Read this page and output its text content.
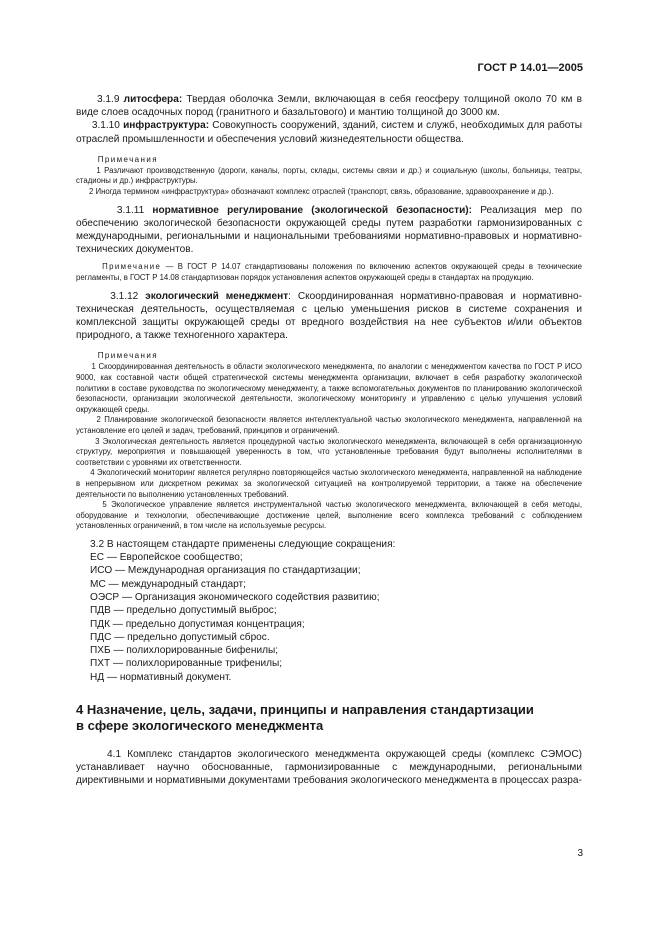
ГОСТ Р 14.01—2005

3.1.9 литосфера: Твердая оболочка Земли, включающая в себя геосферу толщиной около 70 км в виде слоев осадочных пород (гранитного и базальтового) и мантию толщиной до 3000 км.

3.1.10 инфраструктура: Совокупность сооружений, зданий, систем и служб, необходимых для работы отраслей промышленности и обеспечения условий жизнедеятельности общества.

Примечания

1 Различают производственную (дороги, каналы, порты, склады, системы связи и др.) и социальную (школы, больницы, театры, стадионы и др.) инфраструктуры.

2 Иногда термином «инфраструктура» обозначают комплекс отраслей (транспорт, связь, образование, здравоохранение и др.).

3.1.11 нормативное регулирование (экологической безопасности): Реализация мер по обеспечению экологической безопасности окружающей среды путем разработки гармонизированных с международными, региональными и национальными требованиями нормативно-правовых и нормативно-технических документов.

Примечание — В ГОСТ Р 14.07 стандартизованы положения по включению аспектов окружающей среды в технические регламенты, в ГОСТ Р 14.08 стандартизован порядок установления аспектов окружающей среды в стандартах на продукцию.

3.1.12 экологический менеджмент: Скоординированная нормативно-правовая и нормативно-техническая деятельность, осуществляемая с целью уменьшения рисков в системе сохранения и комплексной защиты окружающей среды от вредного воздействия на нее субъектов и/или объектов природного, а также техногенного характера.

Примечания

1 Скоординированная деятельность в области экологического менеджмента, по аналогии с менеджментом качества по ГОСТ Р ИСО 9000, как составной части общей стратегической системы менеджмента организации, включает в себя разработку экологической политики в составе руководства по экологическому менеджменту, а также вспомогательных документов по планированию экологической безопасности, организации экологической деятельности, экологическому мониторингу и управлению с целью улучшения условий окружающей среды.

2 Планирование экологической безопасности является интеллектуальной частью экологического менеджмента, направленной на установление его целей и задач, требований, принципов и ограничений.

3 Экологическая деятельность является процедурной частью экологического менеджмента, включающей в себя организационную структуру, мероприятия и повышающей уверенность в том, что установленные требования будут выполнены исполнителями в соответствии с уровнями их ответственности.

4 Экологический мониторинг является регулярно повторяющейся частью экологического менеджмента, направленной на наблюдение в непрерывном или дискретном режимах за экологической ситуацией на контролируемой территории, а также на обеспечение деятельности по выполнению установленных требований.

5 Экологическое управление является инструментальной частью экологического менеджмента, включающей в себя методы, оборудование и технологии, обеспечивающие достижение целей, выполнение всего комплекса требований с соблюдением установленных ограничений, в том числе на используемые ресурсы.

3.2 В настоящем стандарте применены следующие сокращения:

ЕС — Европейское сообщество;
ИСО — Международная организация по стандартизации;
МС — международный стандарт;
ОЭСР — Организация экономического содействия развитию;
ПДВ — предельно допустимый выброс;
ПДК — предельно допустимая концентрация;
ПДС — предельно допустимый сброс.
ПХБ — полихлорированные бифенилы;
ПХТ — полихлорированные трифенилы;
НД — нормативный документ.
4 Назначение, цель, задачи, принципы и направления стандартизации
в сфере экологического менеджмента

4.1 Комплекс стандартов экологического менеджмента окружающей среды (комплекс СЭМОС) устанавливает научно обоснованные, гармонизированные с международными, региональными директивными и нормативными документами требования экологического менеджмента в процессах разра-

3
